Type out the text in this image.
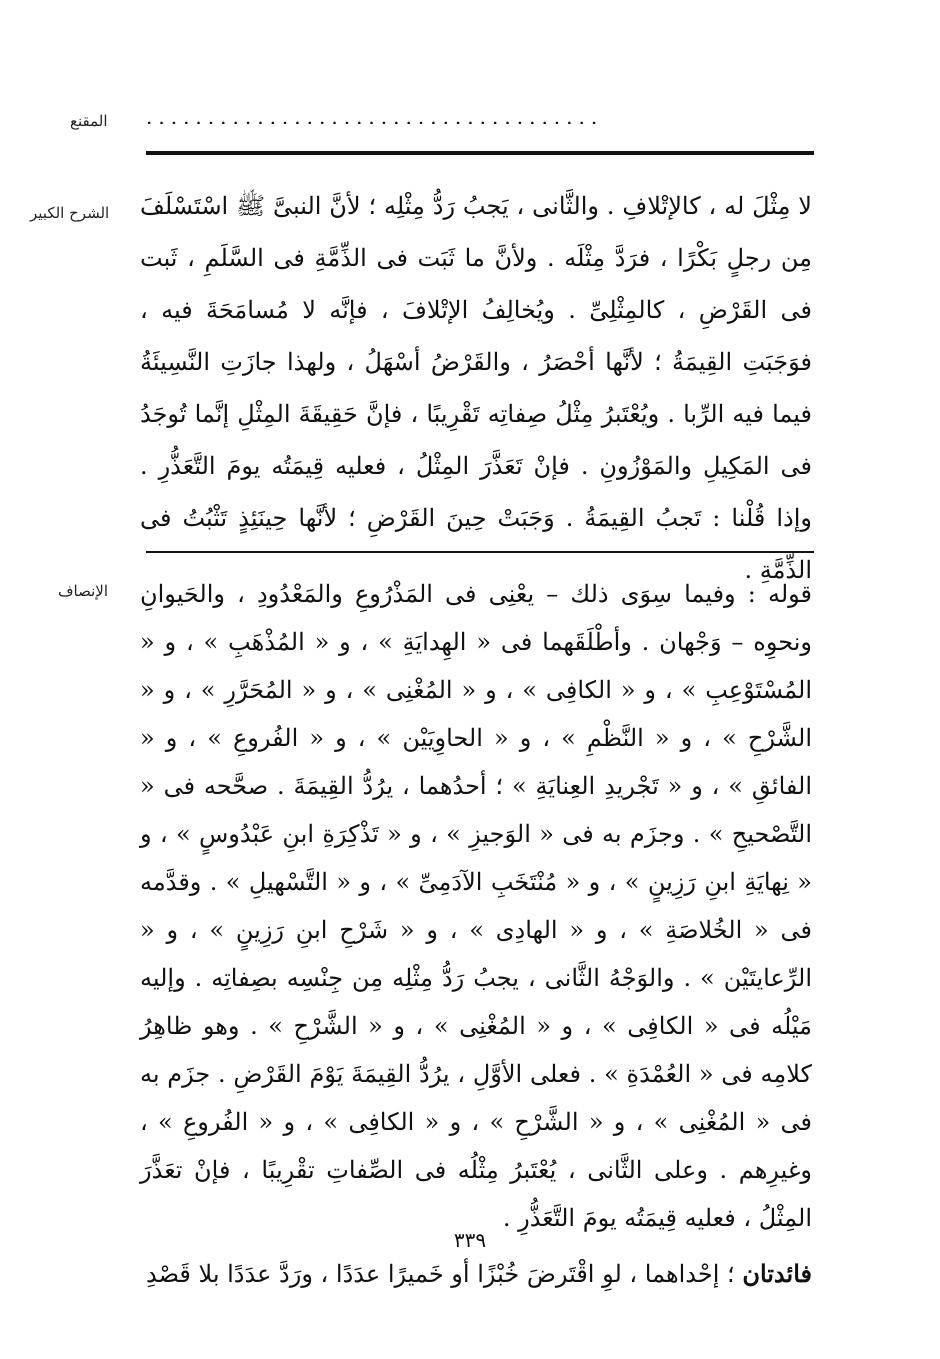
المقنع .....................................
الشرح الكبير لا مِثْلَ له ، كالإتْلافِ . والثَّانى ، يَجبُ رَدُّ مِثْلِه ؛ لأنَّ النبىَّ ﷺ اسْتَسْلَفَ مِن رجلٍ بَكْرًا ، فرَدَّ مِثْلَه . ولأنَّ ما ثَبَت فى الذِّمَّةِ فى السَّلَمِ ، ثَبت فى القَرْضِ ، كالمِثْلِىِّ . ويُخالِفُ الإتْلافَ ، فإنَّه لا مُسامَحَةَ فيه ، فوَجَبَتِ القِيمَةُ ؛ لأنَّها أحْصَرُ ، والقَرْضُ أسْهَلُ ، ولهذا جازَتِ النَّسِيئَةُ فيما فيه الرِّبا . ويُعْتَبرُ مِثْلُ صِفاتِه تَقْرِيبًا ، فإنَّ حَقِيقَةَ المِثْلِ إنَّما تُوجَدُ فى المَكِيلِ والمَوْزُونِ . فإنْ تَعَذَّرَ المِثْلُ ، فعليه قِيمَتُه يومَ التَّعَذُّرِ . وإذا قُلْنا : تَجبُ القِيمَةُ . وَجَبَتْ حِينَ القَرْضِ ؛ لأنَّها حِينَئِذٍ تَثْبُتُ فى الذِّمَّةِ .

الإنصاف قوله : وفيما سِوَى ذلك – يعْنِى فى المَذْرُوعِ والمَعْدُودِ ، والحَيوانِ ونحوِه – وَجْهان . وأطْلَقَهما فى « الهِدايَةِ » ، و « المُذْهَبِ » ، و « المُسْتَوْعِبِ » ، و « الكافِى » ، و « المُغْنِى » ، و « المُحَرَّرِ » ، و « الشَّرْحِ » ، و « النَّظْمِ » ، و « الحاوِيَيْن » ، و « الفُروعِ » ، و « الفائقِ » ، و « تَجْريدِ العِنايَةِ » ؛ أحدُهما ، يرُدُّ القِيمَةَ . صحَّحه فى « التَّصْحيحِ » . وجزَم به فى « الوَجيزِ » ، و « تَذْكِرَةِ ابنِ عَبْدُوسٍ » ، و « نِهايَةِ ابنِ رَزِينٍ » ، و « مُنْتَخَبِ الآدَمِىِّ » ، و « التَّسْهيلِ » . وقدَّمه فى « الخُلاصَةِ » ، و « الهادِى » ، و « شَرْحِ ابنِ رَزِينٍ » ، و « الرِّعايتَيْن » . والوَجْهُ الثَّانى ، يجبُ رَدُّ مِثْلِه مِن جِنْسِه بصِفاتِه . وإليه مَيْلُه فى « الكافِى » ، و « المُغْنِى » ، و « الشَّرْحِ » . وهو ظاهِرُ كلامِه فى « العُمْدَةِ » . فعلى الأوَّلِ ، يرُدُّ القِيمَةَ يَوْمَ القَرْضِ . جزَم به فى « المُغْنِى » ، و « الشَّرْحِ » ، و « الكافِى » ، و « الفُروعِ » ، وغيرِهم . وعلى الثَّانى ، يُعْتَبرُ مِثْلُه فى الصِّفاتِ تقْرِيبًا ، فإنْ تعَذَّرَ المِثْلُ ، فعليه قِيمَتُه يومَ التَّعَذُّرِ .

فائدتان ؛ إحْداهما ، لوِ اقْتَرضَ خُبْزًا أو خَميرًا عدَدًا ، ورَدَّ عدَدًا بلا قَصْدِ

٣٣٩
